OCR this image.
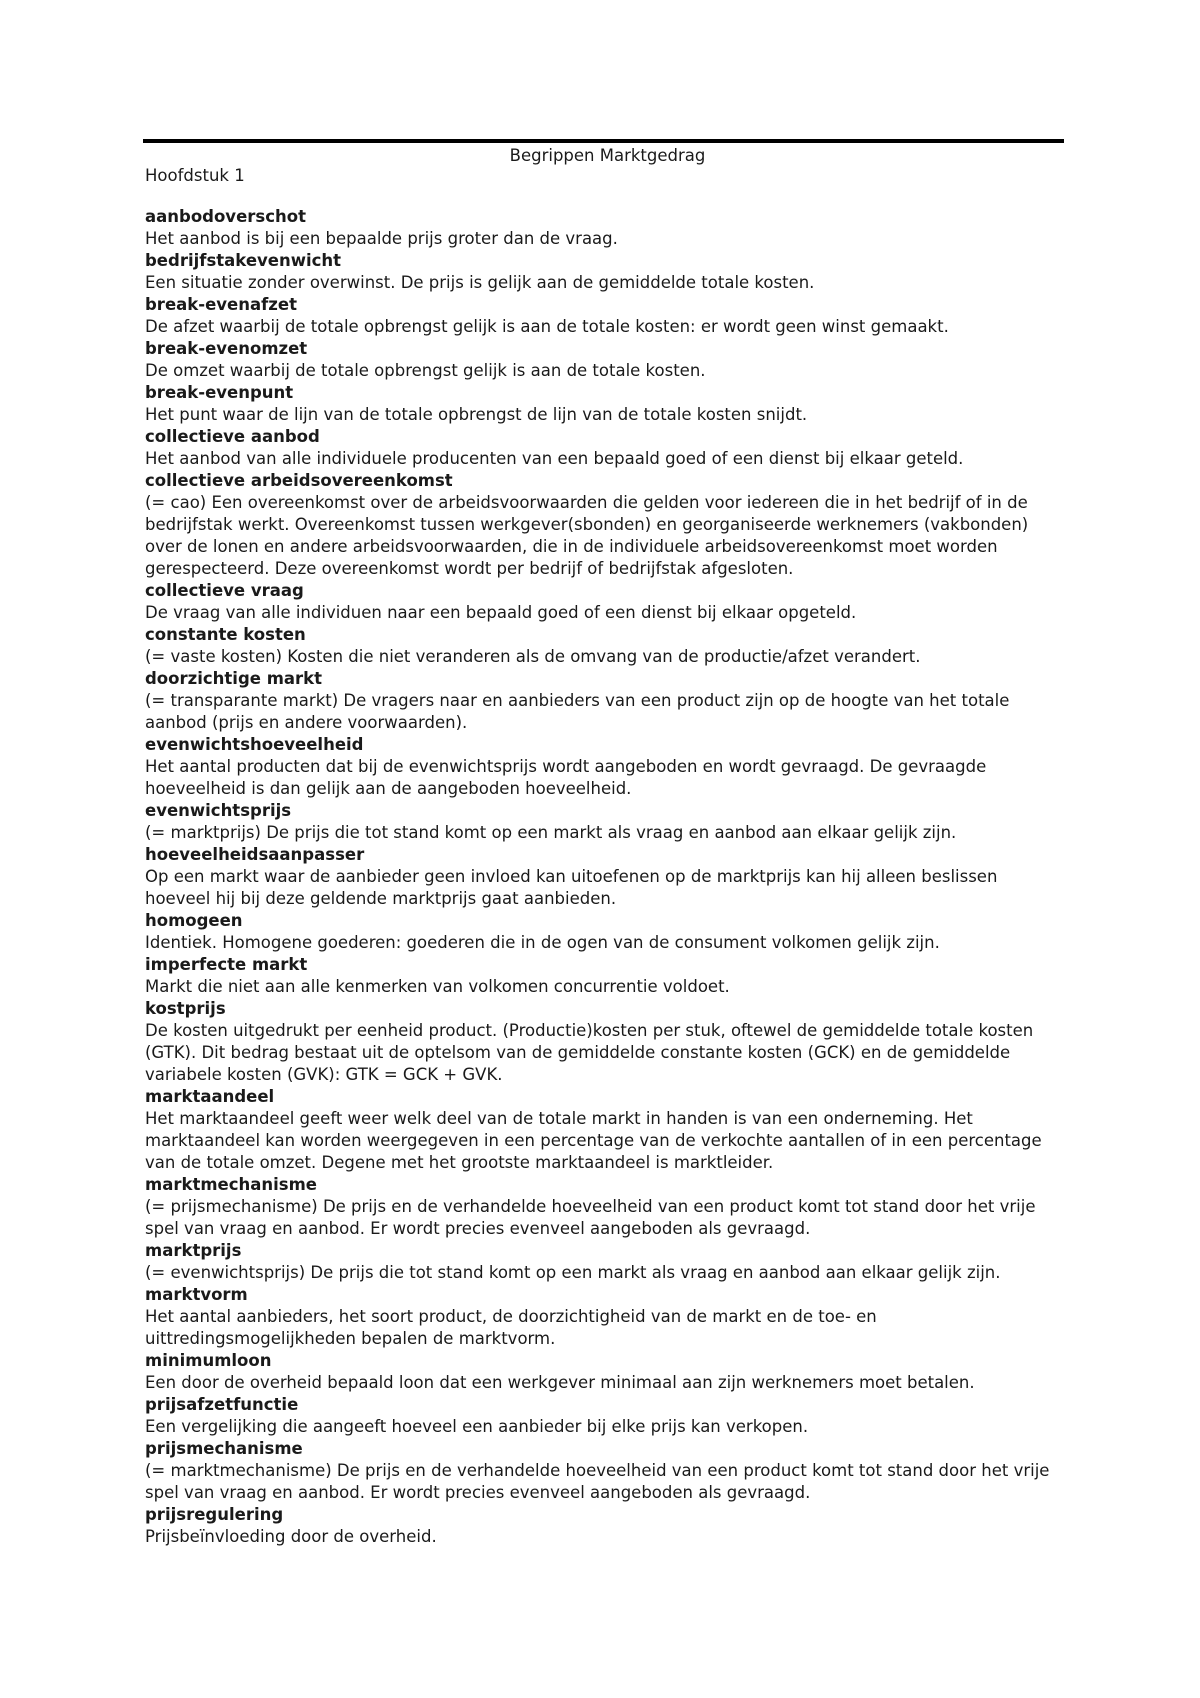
Begrippen Marktgedrag
Hoofdstuk 1
aanbodoverschot
Het aanbod is bij een bepaalde prijs groter dan de vraag.
bedrijfstakevenwicht
Een situatie zonder overwinst. De prijs is gelijk aan de gemiddelde totale kosten.
break-evenafzet
De afzet waarbij de totale opbrengst gelijk is aan de totale kosten: er wordt geen winst gemaakt.
break-evenomzet
De omzet waarbij de totale opbrengst gelijk is aan de totale kosten.
break-evenpunt
Het punt waar de lijn van de totale opbrengst de lijn van de totale kosten snijdt.
collectieve aanbod
Het aanbod van alle individuele producenten van een bepaald goed of een dienst bij elkaar geteld.
collectieve arbeidsovereenkomst
(= cao) Een overeenkomst over de arbeidsvoorwaarden die gelden voor iedereen die in het bedrijf of in de bedrijfstak werkt. Overeenkomst tussen werkgever(sbonden) en georganiseerde werknemers (vakbonden) over de lonen en andere arbeidsvoorwaarden, die in de individuele arbeidsovereenkomst moet worden gerespecteerd. Deze overeenkomst wordt per bedrijf of bedrijfstak afgesloten.
collectieve vraag
De vraag van alle individuen naar een bepaald goed of een dienst bij elkaar opgeteld.
constante kosten
(= vaste kosten) Kosten die niet veranderen als de omvang van de productie/afzet verandert.
doorzichtige markt
(= transparante markt) De vragers naar en aanbieders van een product zijn op de hoogte van het totale aanbod (prijs en andere voorwaarden).
evenwichtshoeveelheid
Het aantal producten dat bij de evenwichtsprijs wordt aangeboden en wordt gevraagd. De gevraagde hoeveelheid is dan gelijk aan de aangeboden hoeveelheid.
evenwichtsprijs
(= marktprijs) De prijs die tot stand komt op een markt als vraag en aanbod aan elkaar gelijk zijn.
hoeveelheidsaanpasser
Op een markt waar de aanbieder geen invloed kan uitoefenen op de marktprijs kan hij alleen beslissen hoeveel hij bij deze geldende marktprijs gaat aanbieden.
homogeen
Identiek. Homogene goederen: goederen die in de ogen van de consument volkomen gelijk zijn.
imperfecte markt
Markt die niet aan alle kenmerken van volkomen concurrentie voldoet.
kostprijs
De kosten uitgedrukt per eenheid product. (Productie)kosten per stuk, oftewel de gemiddelde totale kosten (GTK). Dit bedrag bestaat uit de optelsom van de gemiddelde constante kosten (GCK) en de gemiddelde variabele kosten (GVK): GTK = GCK + GVK.
marktaandeel
Het marktaandeel geeft weer welk deel van de totale markt in handen is van een onderneming. Het marktaandeel kan worden weergegeven in een percentage van de verkochte aantallen of in een percentage van de totale omzet. Degene met het grootste marktaandeel is marktleider.
marktmechanisme
(= prijsmechanisme) De prijs en de verhandelde hoeveelheid van een product komt tot stand door het vrije spel van vraag en aanbod. Er wordt precies evenveel aangeboden als gevraagd.
marktprijs
(= evenwichtsprijs) De prijs die tot stand komt op een markt als vraag en aanbod aan elkaar gelijk zijn.
marktvorm
Het aantal aanbieders, het soort product, de doorzichtigheid van de markt en de toe- en uittredingsmogelijkheden bepalen de marktvorm.
minimumloon
Een door de overheid bepaald loon dat een werkgever minimaal aan zijn werknemers moet betalen.
prijsafzetfunctie
Een vergelijking die aangeeft hoeveel een aanbieder bij elke prijs kan verkopen.
prijsmechanisme
(= marktmechanisme) De prijs en de verhandelde hoeveelheid van een product komt tot stand door het vrije spel van vraag en aanbod. Er wordt precies evenveel aangeboden als gevraagd.
prijsregulering
Prijsbeïnvloeding door de overheid.
